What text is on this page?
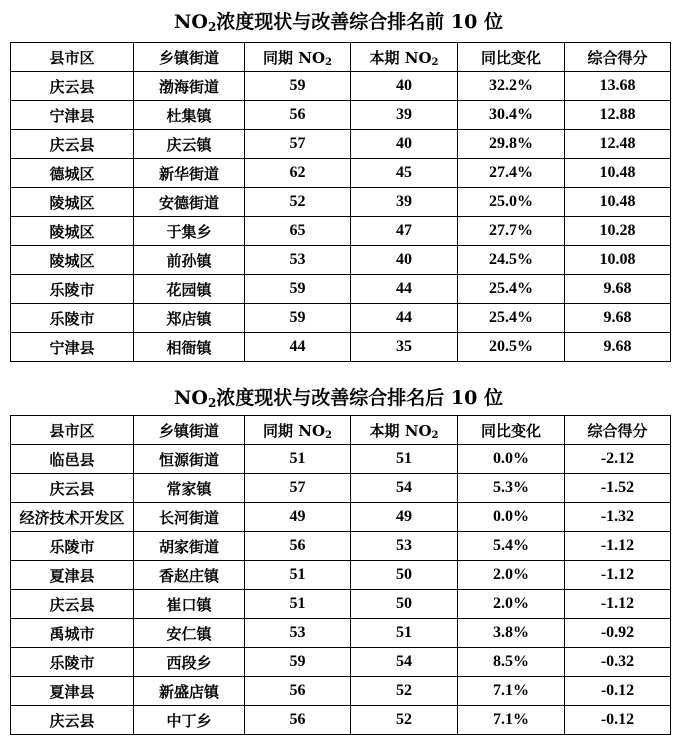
$NO_2$浓度现状与改善综合排名前 10 位
县市区	乡镇街道	同期 $NO_2$	本期 $NO_2$	同比变化	综合得分
庆云县	渤海街道	59	40	32.2%	13.68
宁津县	杜集镇	56	39	30.4%	12.88
庆云县	庆云镇	57	40	29.8%	12.48
德城区	新华街道	62	45	27.4%	10.48
陵城区	安德街道	52	39	25.0%	10.48
陵城区	于集乡	65	47	27.7%	10.28
陵城区	前孙镇	53	40	24.5%	10.08
乐陵市	花园镇	59	44	25.4%	9.68
乐陵市	郑店镇	59	44	25.4%	9.68
宁津县	相衙镇	44	35	20.5%	9.68
$NO_2$浓度现状与改善综合排名后 10 位
县市区	乡镇街道	同期 $NO_2$	本期 $NO_2$	同比变化	综合得分
临邑县	恒源街道	51	51	0.0%	-2.12
庆云县	常家镇	57	54	5.3%	-1.52
经济技术开发区	长河街道	49	49	0.0%	-1.32
乐陵市	胡家街道	56	53	5.4%	-1.12
夏津县	香赵庄镇	51	50	2.0%	-1.12
庆云县	崔口镇	51	50	2.0%	-1.12
禹城市	安仁镇	53	51	3.8%	-0.92
乐陵市	西段乡	59	54	8.5%	-0.32
夏津县	新盛店镇	56	52	7.1%	-0.12
庆云县	中丁乡	56	52	7.1%	-0.12
